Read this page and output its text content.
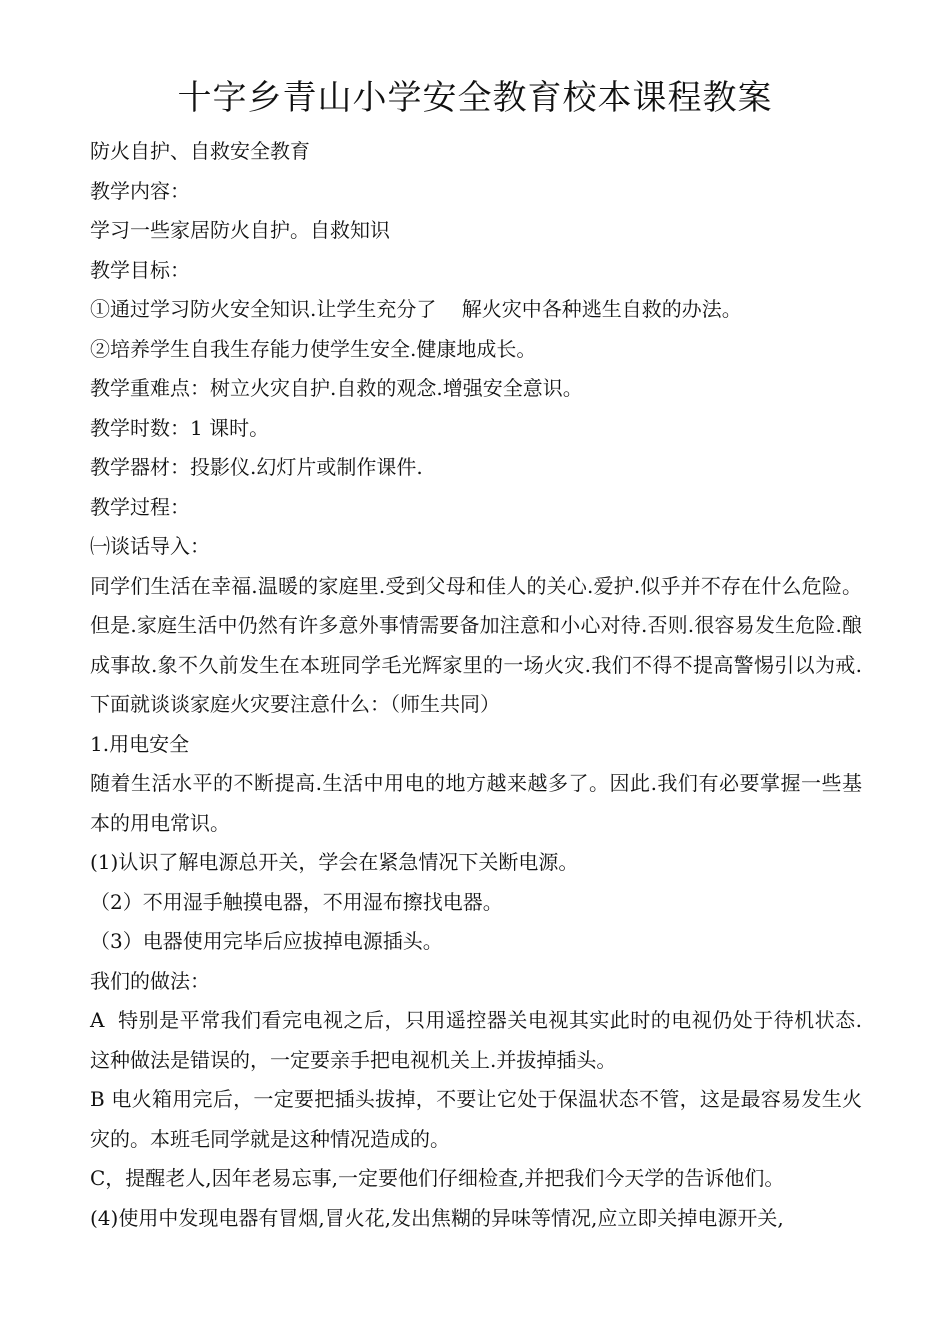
十字乡青山小学安全教育校本课程教案

防火自护、自救安全教育

教学内容：

学习一些家居防火自护。自救知识

教学目标：

①通过学习防火安全知识.让学生充分了    解火灾中各种逃生自救的办法。

②培养学生自我生存能力使学生安全.健康地成长。

教学重难点：树立火灾自护.自救的观念.增强安全意识。

教学时数：1 课时。

教学器材：投影仪.幻灯片或制作课件.

教学过程：

㈠谈话导入：

同学们生活在幸福.温暖的家庭里.受到父母和佳人的关心.爱护.似乎并不存在什么危险。但是.家庭生活中仍然有许多意外事情需要备加注意和小心对待.否则.很容易发生危险.酿成事故.象不久前发生在本班同学毛光辉家里的一场火灾.我们不得不提高警惕引以为戒.下面就谈谈家庭火灾要注意什么：（师生共同）

1.用电安全

随着生活水平的不断提高.生活中用电的地方越来越多了。因此.我们有必要掌握一些基本的用电常识。

(1)认识了解电源总开关，学会在紧急情况下关断电源。

（2）不用湿手触摸电器，不用湿布擦找电器。

（3）电器使用完毕后应拔掉电源插头。

我们的做法：

A  特别是平常我们看完电视之后，只用遥控器关电视其实此时的电视仍处于待机状态.这种做法是错误的，一定要亲手把电视机关上.并拔掉插头。

B 电火箱用完后，一定要把插头拔掉，不要让它处于保温状态不管，这是最容易发生火灾的。本班毛同学就是这种情况造成的。

C，提醒老人,因年老易忘事,一定要他们仔细检查,并把我们今天学的告诉他们。

(4)使用中发现电器有冒烟,冒火花,发出焦糊的异味等情况,应立即关掉电源开关,
